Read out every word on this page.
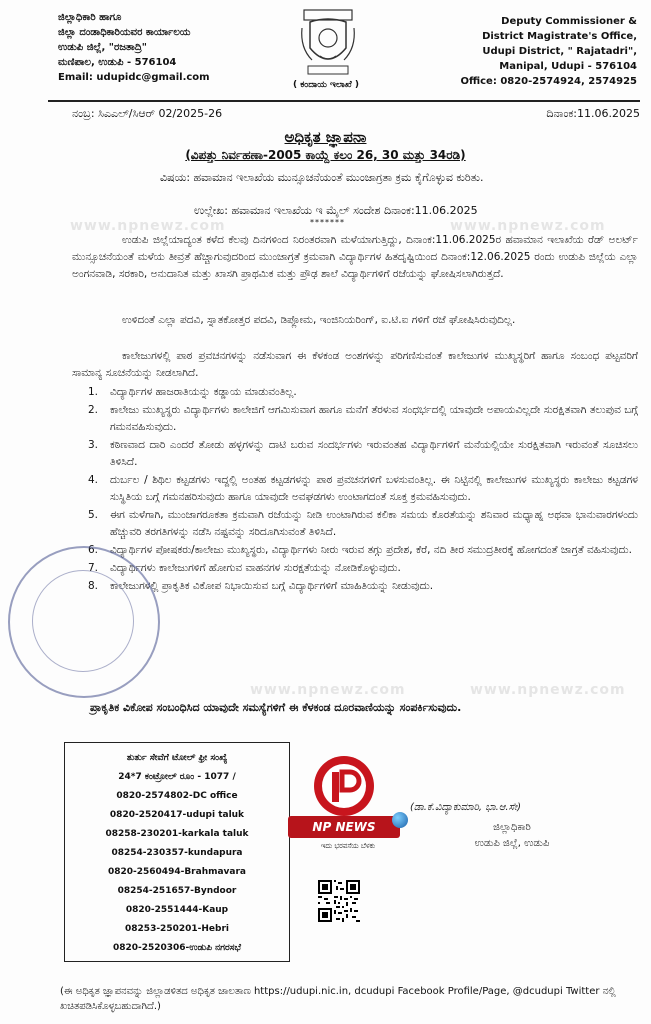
ಜಿಲ್ಲಾಧಿಕಾರಿ ಹಾಗೂ
ಜಿಲ್ಲಾ ದಂಡಾಧಿಕಾರಿಯವರ ಕಾರ್ಯಾಲಯ
ಉಡುಪಿ ಜಿಲ್ಲೆ, "ರಜತಾದ್ರಿ"
ಮಣಿಪಾಲ, ಉಡುಪಿ - 576104
Email: udupidc@gmail.com
( ಕಂದಾಯ ಇಲಾಖೆ )
Deputy Commissioner &
District Magistrate's Office,
Udupi District, " Rajatadri",
Manipal, Udupi - 576104
Office: 0820-2574924, 2574925
ನಂಬ್ರ: ಸಿಎಎಲ್/ಸಿಆರ್ 02/2025-26	ದಿನಾಂಕ:11.06.2025
ಅಧಿಕೃತ ಜ್ಞಾಪನಾ
(ವಿಪತ್ತು ನಿರ್ವಹಣಾ-2005 ಕಾಯ್ದೆ ಕಲಂ 26, 30 ಮತ್ತು 34ರಡಿ)
ವಿಷಯ: ಹವಾಮಾನ ಇಲಾಖೆಯ ಮುನ್ಸೂಚನೆಯಂತೆ ಮುಂಜಾಗ್ರತಾ ಕ್ರಮ ಕೈಗೊಳ್ಳುವ ಕುರಿತು.
ಉಲ್ಲೇಖ: ಹವಾಮಾನ ಇಲಾಖೆಯ ಇ ಮೈಲ್ ಸಂದೇಶ ದಿನಾಂಕ:11.06.2025
*******
ಉಡುಪಿ ಜಿಲ್ಲೆಯಾದ್ಯಂತ ಕಳೆದ ಕೆಲವು ದಿನಗಳಿಂದ ನಿರಂತರವಾಗಿ ಮಳೆಯಾಗುತ್ತಿದ್ದು, ದಿನಾಂಕ:11.06.2025ರ ಹವಾಮಾನ ಇಲಾಖೆಯ ರೆಡ್ ಅಲರ್ಟ್ ಮುನ್ಸೂಚನೆಯಂತೆ ಮಳೆಯ ತೀವ್ರತೆ ಹೆಚ್ಚಾಗುವುದರಿಂದ ಮುಂಜಾಗ್ರತೆ ಕ್ರಮವಾಗಿ ವಿದ್ಯಾರ್ಥಿಗಳ ಹಿತದೃಷ್ಟಿಯಿಂದ ದಿನಾಂಕ:12.06.2025 ರಂದು ಉಡುಪಿ ಜಿಲ್ಲೆಯ ಎಲ್ಲಾ ಅಂಗನವಾಡಿ, ಸರಕಾರಿ, ಅನುದಾನಿತ ಮತ್ತು ಖಾಸಗಿ ಪ್ರಾಥಮಿಕ ಮತ್ತು ಪ್ರೌಢ ಶಾಲೆ ವಿದ್ಯಾರ್ಥಿಗಳಿಗೆ ರಜೆಯನ್ನು ಘೋಷಿಸಲಾಗಿರುತ್ತದೆ.
ಉಳಿದಂತೆ ಎಲ್ಲಾ ಪದವಿ, ಸ್ನಾತಕೋತ್ತರ ಪದವಿ, ಡಿಪ್ಲೋಮ, ಇಂಜಿನಿಯರಿಂಗ್, ಐ.ಟಿ.ಐ ಗಳಿಗೆ ರಜೆ ಘೋಷಿಸಿರುವುದಿಲ್ಲ.
ಕಾಲೇಜುಗಳಲ್ಲಿ ಪಾಠ ಪ್ರವಚನಗಳನ್ನು ನಡೆಸುವಾಗ ಈ ಕೆಳಕಂಡ ಅಂಶಗಳನ್ನು ಪರಿಗಣಿಸುವಂತೆ ಕಾಲೇಜುಗಳ ಮುಖ್ಯಸ್ಥರಿಗೆ ಹಾಗೂ ಸಂಬಂಧ ಪಟ್ಟವರಿಗೆ ಸಾಮಾನ್ಯ ಸೂಚನೆಯನ್ನು ನೀಡಲಾಗಿದೆ.
1.	ವಿದ್ಯಾರ್ಥಿಗಳ ಹಾಜರಾತಿಯನ್ನು ಕಡ್ಡಾಯ ಮಾಡುವಂತಿಲ್ಲ.
2.	ಕಾಲೇಜು ಮುಖ್ಯಸ್ಥರು ವಿದ್ಯಾರ್ಥಿಗಳು ಕಾಲೇಜಿಗೆ ಆಗಮಿಸುವಾಗ ಹಾಗೂ ಮನೆಗೆ ತೆರಳುವ ಸಂಧರ್ಭದಲ್ಲಿ ಯಾವುದೇ ಅಪಾಯವಿಲ್ಲದೇ ಸುರಕ್ಷಿತವಾಗಿ ತಲುಪುವ ಬಗ್ಗೆ ಗಮನವಹಿಸುವುದು.
3.	ಕಠಿಣವಾದ ದಾರಿ ಎಂದರೆ ತೋಡು ಹಳ್ಳಗಳನ್ನು ದಾಟಿ ಬರುವ ಸಂದರ್ಭಗಳು ಇರುವಂತಹ ವಿದ್ಯಾರ್ಥಿಗಳಿಗೆ ಮನೆಯಲ್ಲಿಯೇ ಸುರಕ್ಷಿತವಾಗಿ ಇರುವಂತೆ ಸೂಚಿಸಲು ತಿಳಿಸಿದೆ.
4.	ದುರ್ಬಲ / ಶಿಥಿಲ ಕಟ್ಟಡಗಳು ಇದ್ದಲ್ಲಿ ಅಂತಹ ಕಟ್ಟಡಗಳನ್ನು ಪಾಠ ಪ್ರವಚನಗಳಿಗೆ ಬಳಸುವಂತಿಲ್ಲ. ಈ ನಿಟ್ಟಿನಲ್ಲಿ ಕಾಲೇಜುಗಳ ಮುಖ್ಯಸ್ಥರು ಕಾಲೇಜು ಕಟ್ಟಡಗಳ ಸುಸ್ಥಿತಿಯ ಬಗ್ಗೆ ಗಮನಹರಿಸುವುದು ಹಾಗೂ ಯಾವುದೇ ಅವಘಡಗಳು ಉಂಟಾಗದಂತೆ ಸೂಕ್ತ ಕ್ರಮವಹಿಸುವುದು.
5.	ಈಗ ಮಳೆಗಾಗಿ, ಮುಂಜಾಗರೂಕತಾ ಕ್ರಮವಾಗಿ ರಜೆಯನ್ನು ನೀಡಿ ಉಂಟಾಗಿರುವ ಕಲಿಕಾ ಸಮಯ ಕೊರತೆಯನ್ನು ಶನಿವಾರ ಮಧ್ಯಾಹ್ನ ಅಥವಾ ಭಾನುವಾರಗಳಂದು ಹೆಚ್ಚುವರಿ ತರಗತಿಗಳನ್ನು ನಡೆಸಿ ನಷ್ಟವನ್ನು ಸರಿದೂಗಿಸುವಂತೆ ತಿಳಿಸಿದೆ.
6.	ವಿದ್ಯಾರ್ಥಿಗಳ ಪೋಷಕರು/ಕಾಲೇಜು ಮುಖ್ಯಸ್ಥರು, ವಿದ್ಯಾರ್ಥಿಗಳು ನೀರು ಇರುವ ತಗ್ಗು ಪ್ರದೇಶ, ಕೆರೆ, ನದಿ ತೀರ ಸಮುದ್ರತೀರಕ್ಕೆ ಹೋಗದಂತೆ ಜಾಗ್ರತೆ ವಹಿಸುವುದು.
7.	ವಿದ್ಯಾರ್ಥಿಗಳು ಕಾಲೇಜುಗಳಿಗೆ ಹೋಗುವ ವಾಹನಗಳ ಸುರಕ್ಷತೆಯನ್ನು ನೋಡಿಕೊಳ್ಳುವುದು.
8.	ಕಾಲೇಜುಗಳಲ್ಲಿ ಪ್ರಾಕೃತಿಕ ವಿಕೋಪ ನಿಭಾಯಿಸುವ ಬಗ್ಗೆ ವಿದ್ಯಾರ್ಥಿಗಳಿಗೆ ಮಾಹಿತಿಯನ್ನು ನೀಡುವುದು.
www.npnewz.com	www.npnewz.com
www.npnewz.com	www.npnewz.com
ಪ್ರಾಕೃತಿಕ ವಿಕೋಪ ಸಂಬಂಧಿಸಿದ ಯಾವುದೇ ಸಮಸ್ಯೆಗಳಿಗೆ ಈ ಕೆಳಕಂಡ ದೂರವಾಣಿಯನ್ನು ಸಂಪರ್ಕಿಸುವುದು.
ತುರ್ತು ಸೇವೆಗೆ ಟೋಲ್ ಫ್ರೀ ಸಂಖ್ಯೆ
24*7 ಕಂಟ್ರೋಲ್ ರೂಂ - 1077 /
0820-2574802-DC office
0820-2520417-udupi taluk
08258-230201-karkala taluk
08254-230357-kundapura
0820-2560494-Brahmavara
08254-251657-Byndoor
0820-2551444-Kaup
08253-250201-Hebri
0820-2520306-ಉಡುಪಿ ನಗರಸಭೆ
NP NEWS
ಇದು ಭರವಸೆಯ ಬೆಳಕು
(ಡಾ.ಕೆ.ವಿದ್ಯಾಕುಮಾರಿ, ಭಾ.ಆ.ಸೇ)
ಜಿಲ್ಲಾಧಿಕಾರಿ
ಉಡುಪಿ ಜಿಲ್ಲೆ, ಉಡುಪಿ
(ಈ ಅಧಿಕೃತ ಜ್ಞಾಪನವನ್ನು ಜಿಲ್ಲಾಡಳಿತದ ಅಧಿಕೃತ ಜಾಲತಾಣ https://udupi.nic.in, dcudupi Facebook Profile/Page, @dcudupi Twitter ನಲ್ಲಿ ಖಚಿತಪಡಿಸಿಕೊಳ್ಳಬಹುದಾಗಿದೆ.)
